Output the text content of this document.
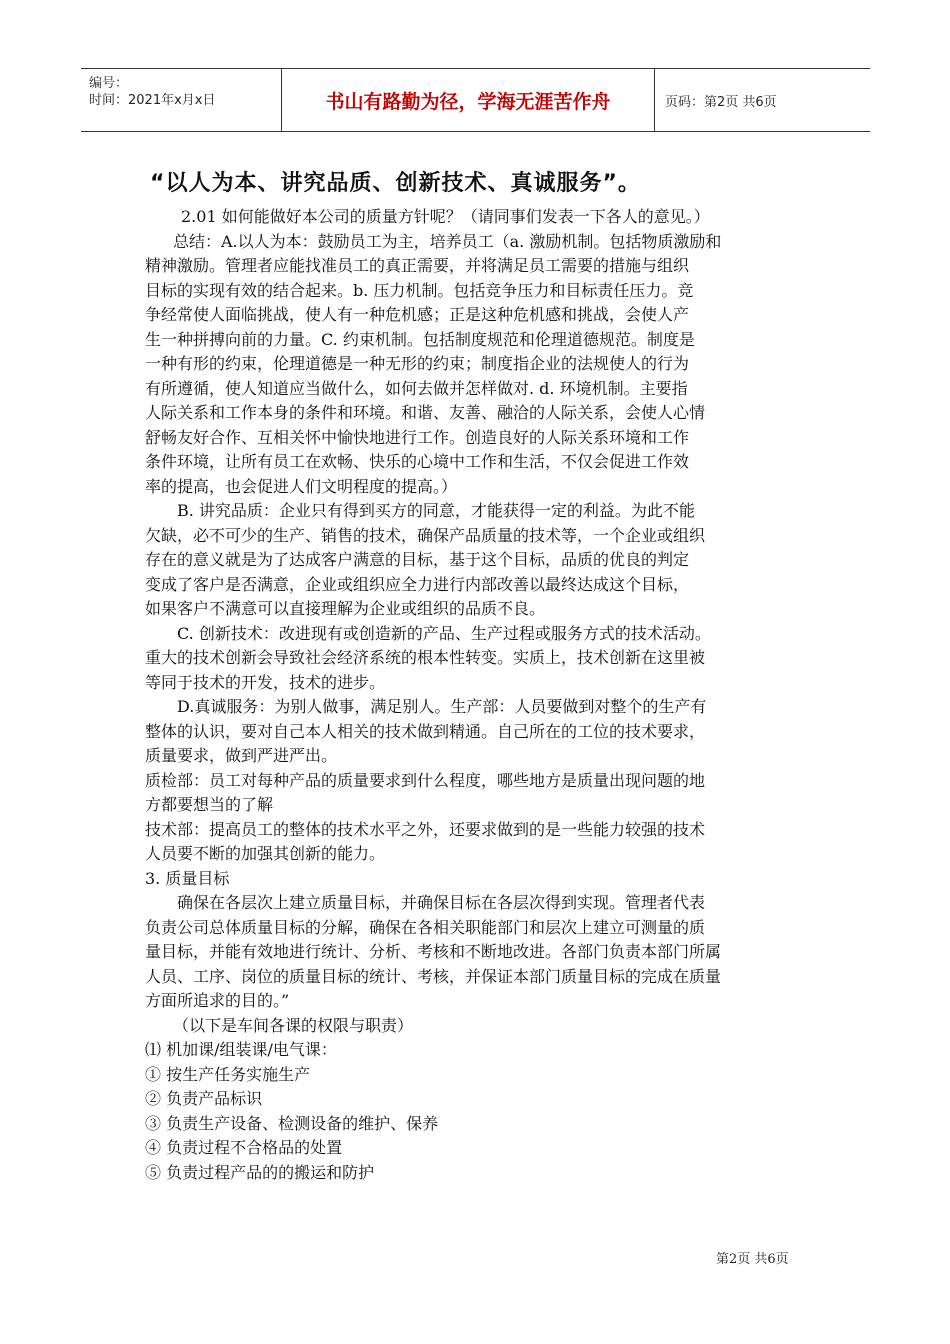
编号：
时间：2021年x月x日	书山有路勤为径，学海无涯苦作舟	页码：第2页 共6页
“以人为本、讲究品质、创新技术、真诚服务”。

2.01 如何能做好本公司的质量方针呢？（请同事们发表一下各人的意见。）

总结：A.以人为本：鼓励员工为主，培养员工（a. 激励机制。包括物质激励和

精神激励。管理者应能找准员工的真正需要，并将满足员工需要的措施与组织

目标的实现有效的结合起来。b. 压力机制。包括竞争压力和目标责任压力。竞

争经常使人面临挑战，使人有一种危机感；正是这种危机感和挑战，会使人产

生一种拼搏向前的力量。C. 约束机制。包括制度规范和伦理道德规范。制度是

一种有形的约束，伦理道德是一种无形的约束；制度指企业的法规使人的行为

有所遵循，使人知道应当做什么，如何去做并怎样做对. d. 环境机制。主要指

人际关系和工作本身的条件和环境。和谐、友善、融洽的人际关系，会使人心情

舒畅友好合作、互相关怀中愉快地进行工作。创造良好的人际关系环境和工作

条件环境，让所有员工在欢畅、快乐的心境中工作和生活，不仅会促进工作效

率的提高，也会促进人们文明程度的提高。）

B. 讲究品质：企业只有得到买方的同意，才能获得一定的利益。为此不能

欠缺，必不可少的生产、销售的技术，确保产品质量的技术等，一个企业或组织

存在的意义就是为了达成客户满意的目标，基于这个目标，品质的优良的判定

变成了客户是否满意，企业或组织应全力进行内部改善以最终达成这个目标，

如果客户不满意可以直接理解为企业或组织的品质不良。

C. 创新技术：改进现有或创造新的产品、生产过程或服务方式的技术活动。

重大的技术创新会导致社会经济系统的根本性转变。实质上，技术创新在这里被

等同于技术的开发，技术的进步。

D.真诚服务：为别人做事，满足别人。生产部：人员要做到对整个的生产有

整体的认识，要对自己本人相关的技术做到精通。自己所在的工位的技术要求，

质量要求，做到严进严出。

质检部：员工对每种产品的质量要求到什么程度，哪些地方是质量出现问题的地

方都要想当的了解

技术部：提高员工的整体的技术水平之外，还要求做到的是一些能力较强的技术

人员要不断的加强其创新的能力。

3. 质量目标

确保在各层次上建立质量目标，并确保目标在各层次得到实现。管理者代表

负责公司总体质量目标的分解，确保在各相关职能部门和层次上建立可测量的质

量目标，并能有效地进行统计、分析、考核和不断地改进。各部门负责本部门所属

人员、工序、岗位的质量目标的统计、考核，并保证本部门质量目标的完成在质量

方面所追求的目的。”

（以下是车间各课的权限与职责）

⑴ 机加课/组装课/电气课：

① 按生产任务实施生产

② 负责产品标识

③ 负责生产设备、检测设备的维护、保养

④ 负责过程不合格品的处置

⑤ 负责过程产品的的搬运和防护

第2页 共6页
